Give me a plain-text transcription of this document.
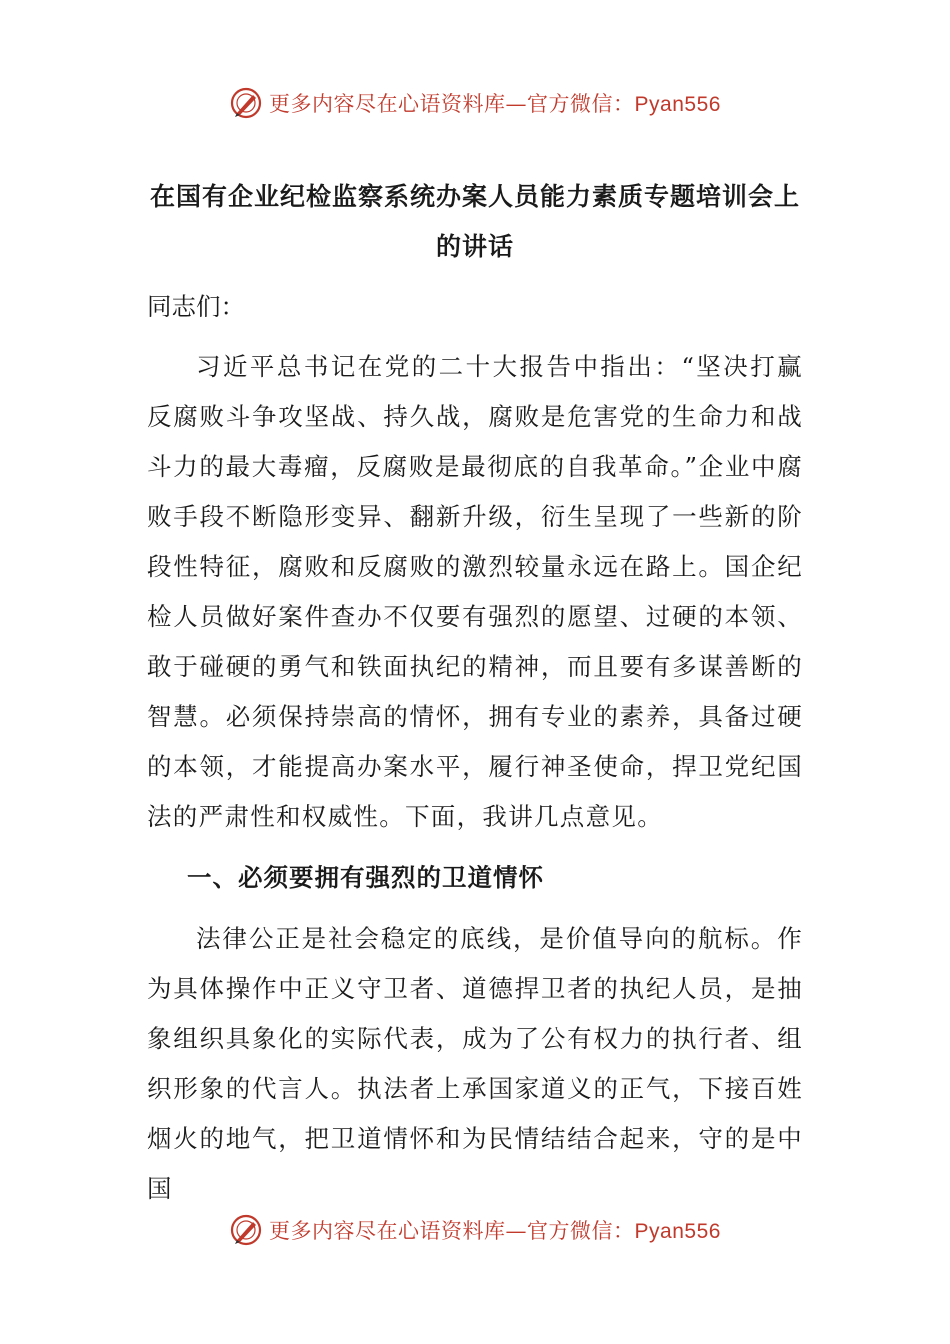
更多内容尽在心语资料库—官方微信：Pyan556
在国有企业纪检监察系统办案人员能力素质专题培训会上
的讲话

同志们：

习近平总书记在党的二十大报告中指出：“坚决打赢反腐败斗争攻坚战、持久战，腐败是危害党的生命力和战斗力的最大毒瘤，反腐败是最彻底的自我革命。”企业中腐败手段不断隐形变异、翻新升级，衍生呈现了一些新的阶段性特征，腐败和反腐败的激烈较量永远在路上。国企纪检人员做好案件查办不仅要有强烈的愿望、过硬的本领、敢于碰硬的勇气和铁面执纪的精神，而且要有多谋善断的智慧。必须保持崇高的情怀，拥有专业的素养，具备过硬的本领，才能提高办案水平，履行神圣使命，捍卫党纪国法的严肃性和权威性。下面，我讲几点意见。

一、必须要拥有强烈的卫道情怀

法律公正是社会稳定的底线，是价值导向的航标。作为具体操作中正义守卫者、道德捍卫者的执纪人员，是抽象组织具象化的实际代表，成为了公有权力的执行者、组织形象的代言人。执法者上承国家道义的正气，下接百姓烟火的地气，把卫道情怀和为民情结结合起来，守的是中国

更多内容尽在心语资料库—官方微信：Pyan556
